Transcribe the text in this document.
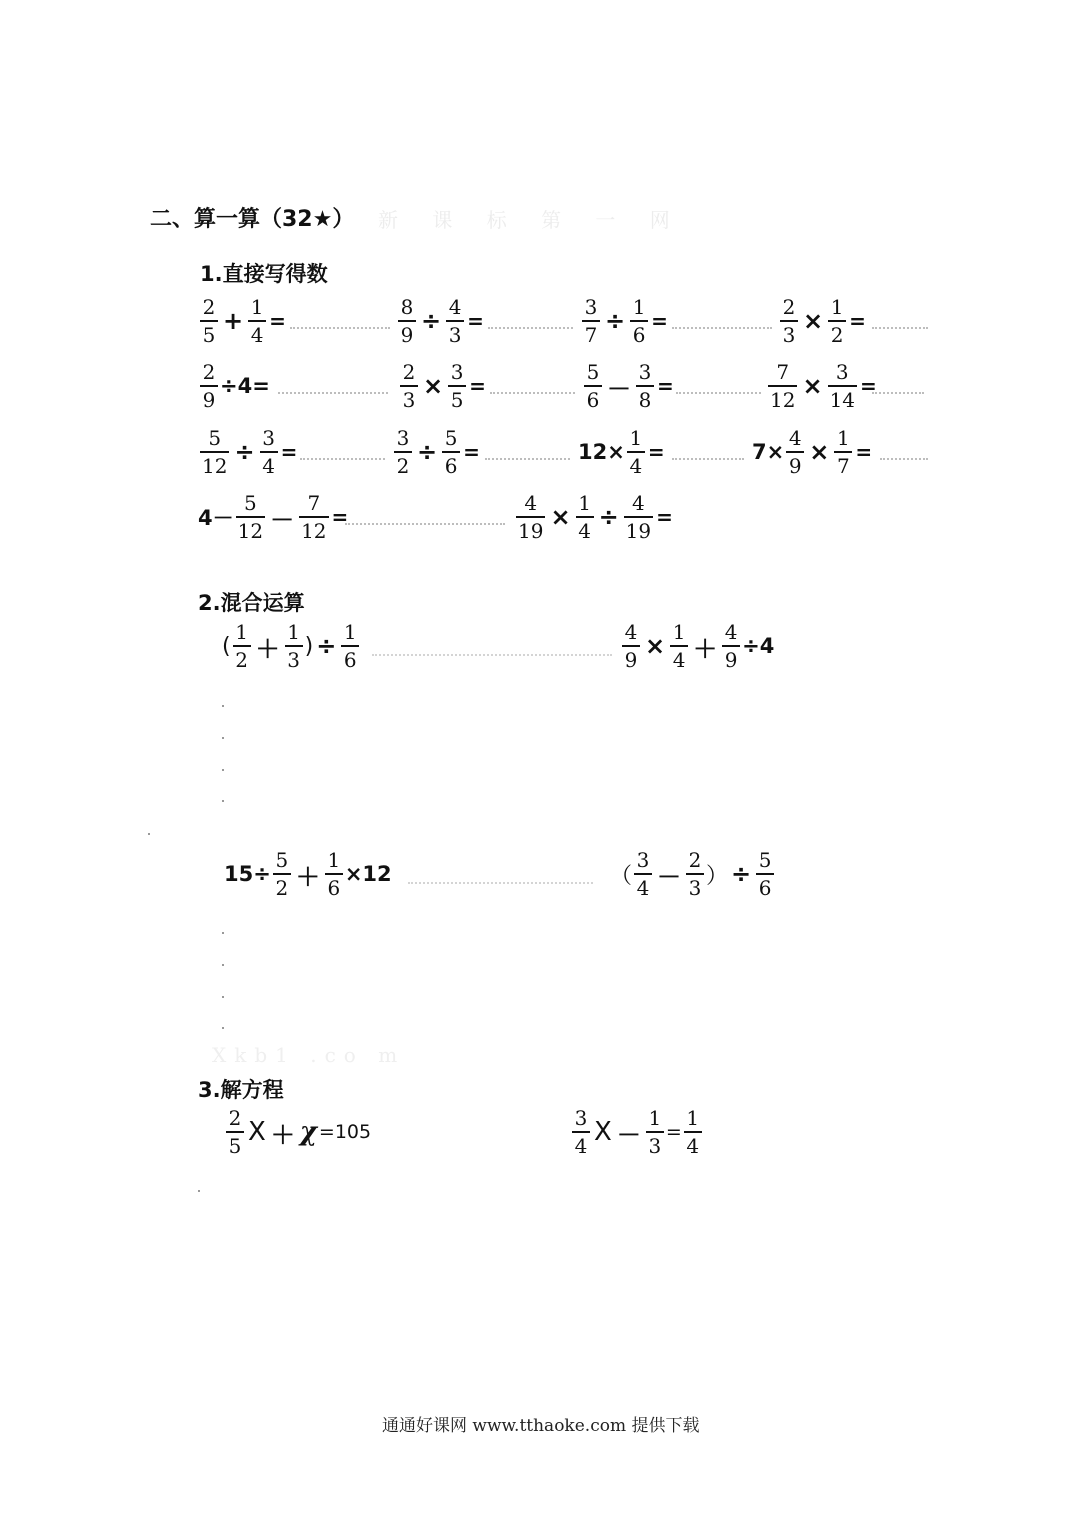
二、算一算（32★） 新 课 标 第 一 网
1.直接写得数
$\frac{2}{5} + \frac{1}{4}$ =	$\frac{8}{9} \div \frac{4}{3}$ =	$\frac{3}{7} \div \frac{1}{6}$ =	$\frac{2}{3} \times \frac{1}{2}$ =
$\frac{2}{9} \div 4=$	$\frac{2}{3} \times \frac{3}{5}$ =	$\frac{5}{6} - \frac{3}{8}$ =	$\frac{7}{12} \times \frac{3}{14}$ =
$\frac{5}{12} \div \frac{3}{4}$ =	$\frac{3}{2} \div \frac{5}{6}$ =	$12\times \frac{1}{4}$ =	$7\times \frac{4}{9} \times \frac{1}{7}$ =
$4- \frac{5}{12} - \frac{7}{12}$ =	$\frac{4}{19} \times \frac{1}{4} \div \frac{4}{19}$ =
2.混合运算
( $\frac{1}{2} + \frac{1}{3}$ ) ÷ $\frac{1}{6}$	$\frac{4}{9} \times \frac{1}{4} + \frac{4}{9} \div 4$
$15\div \frac{5}{2} + \frac{1}{6} \times 12$	（ $\frac{3}{4} - \frac{2}{3}$ ） ÷ $\frac{5}{6}$
Xkb1 .co m
3.解方程
$\frac{2}{5}$ X ＋ χ =105	$\frac{3}{4}$ $X - \frac{1}{3} = \frac{1}{4}$
通通好课网 www.tthaoke.com 提供下载
